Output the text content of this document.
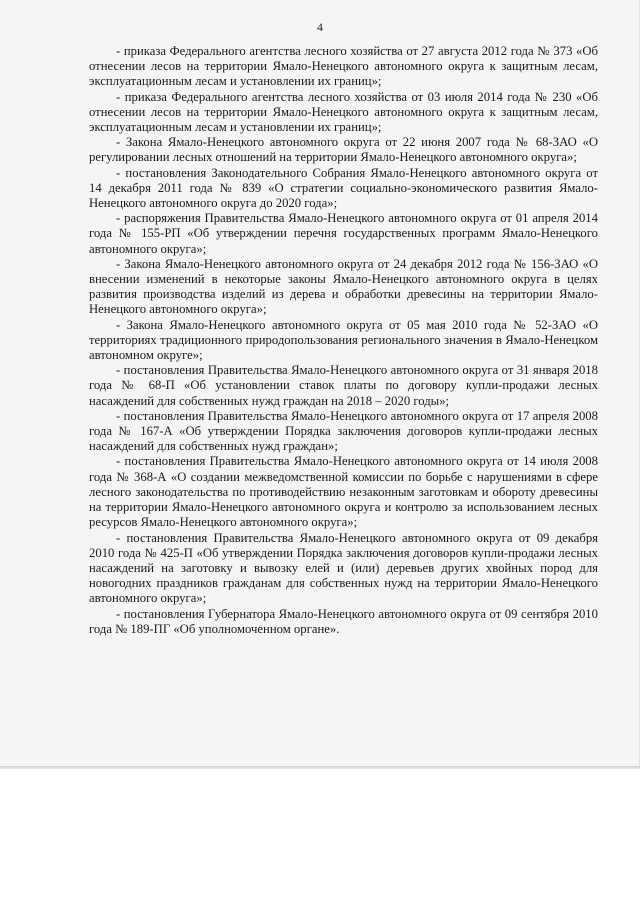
4

- приказа Федерального агентства лесного хозяйства от 27 августа 2012 года № 373 «Об отнесении лесов на территории Ямало-Ненецкого автономного округа к защитным лесам, эксплуатационным лесам и установлении их границ»;

- приказа Федерального агентства лесного хозяйства от 03 июля 2014 года № 230 «Об отнесении лесов на территории Ямало-Ненецкого автономного округа к защитным лесам, эксплуатационным лесам и установлении их границ»;

- Закона Ямало-Ненецкого автономного округа от 22 июня 2007 года № 68-ЗАО «О регулировании лесных отношений на территории Ямало-Ненецкого автономного округа»;

- постановления Законодательного Собрания Ямало-Ненецкого автономного округа от 14 декабря 2011 года № 839 «О стратегии социально-экономического развития Ямало-Ненецкого автономного округа до 2020 года»;

- распоряжения Правительства Ямало-Ненецкого автономного округа от 01 апреля 2014 года № 155-РП «Об утверждении перечня государственных программ Ямало-Ненецкого автономного округа»;

- Закона Ямало-Ненецкого автономного округа от 24 декабря 2012 года № 156-ЗАО «О внесении изменений в некоторые законы Ямало-Ненецкого автономного округа в целях развития производства изделий из дерева и обработки древесины на территории Ямало-Ненецкого автономного округа»;

- Закона Ямало-Ненецкого автономного округа от 05 мая 2010 года № 52-ЗАО «О территориях традиционного природопользования регионального значения в Ямало-Ненецком автономном округе»;

- постановления Правительства Ямало-Ненецкого автономного округа от 31 января 2018 года № 68-П «Об установлении ставок платы по договору купли-продажи лесных насаждений для собственных нужд граждан на 2018 – 2020 годы»;

- постановления Правительства Ямало-Ненецкого автономного округа от 17 апреля 2008 года № 167-А «Об утверждении Порядка заключения договоров купли-продажи лесных насаждений для собственных нужд граждан»;

- постановления Правительства Ямало-Ненецкого автономного округа от 14 июля 2008 года № 368-А «О создании межведомственной комиссии по борьбе с нарушениями в сфере лесного законодательства по противодействию незаконным заготовкам и обороту древесины на территории Ямало-Ненецкого автономного округа и контролю за использованием лесных ресурсов Ямало-Ненецкого автономного округа»;

- постановления Правительства Ямало-Ненецкого автономного округа от 09 декабря 2010 года № 425-П «Об утверждении Порядка заключения договоров купли-продажи лесных насаждений на заготовку и вывозку елей и (или) деревьев других хвойных пород для новогодних праздников гражданам для собственных нужд на территории Ямало-Ненецкого автономного округа»;

- постановления Губернатора Ямало-Ненецкого автономного округа от 09 сентября 2010 года № 189-ПГ «Об уполномоченном органе».
